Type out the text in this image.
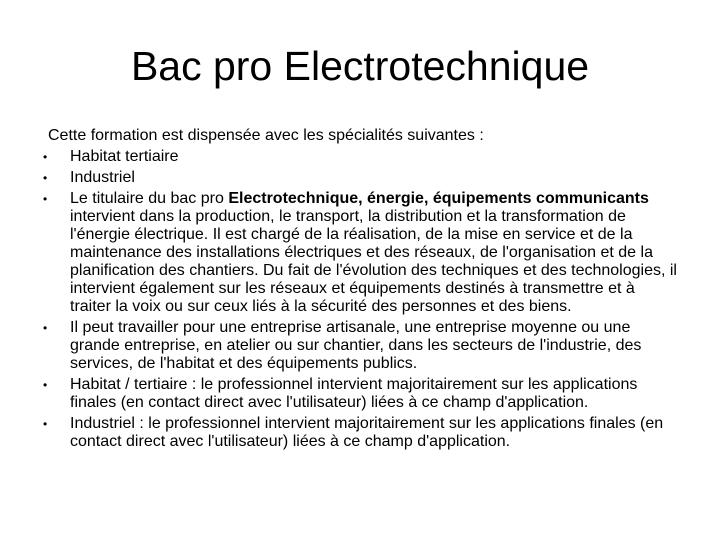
Bac pro Electrotechnique

Cette formation est dispensée avec les spécialités suivantes :

• Habitat tertiaire
• Industriel
• Le titulaire du bac pro Electrotechnique, énergie, équipements communicants intervient dans la production, le transport, la distribution et la transformation de l'énergie électrique. Il est chargé de la réalisation, de la mise en service et de la maintenance des installations électriques et des réseaux, de l'organisation et de la planification des chantiers. Du fait de l'évolution des techniques et des technologies, il intervient également sur les réseaux et équipements destinés à transmettre et à traiter la voix ou sur ceux liés à la sécurité des personnes et des biens.
• Il peut travailler pour une entreprise artisanale, une entreprise moyenne ou une grande entreprise, en atelier ou sur chantier, dans les secteurs de l'industrie, des services, de l'habitat et des équipements publics.
• Habitat / tertiaire : le professionnel intervient majoritairement sur les applications finales (en contact direct avec l'utilisateur) liées à ce champ d'application.
• Industriel : le professionnel intervient majoritairement sur les applications finales (en contact direct avec l'utilisateur) liées à ce champ d'application.
